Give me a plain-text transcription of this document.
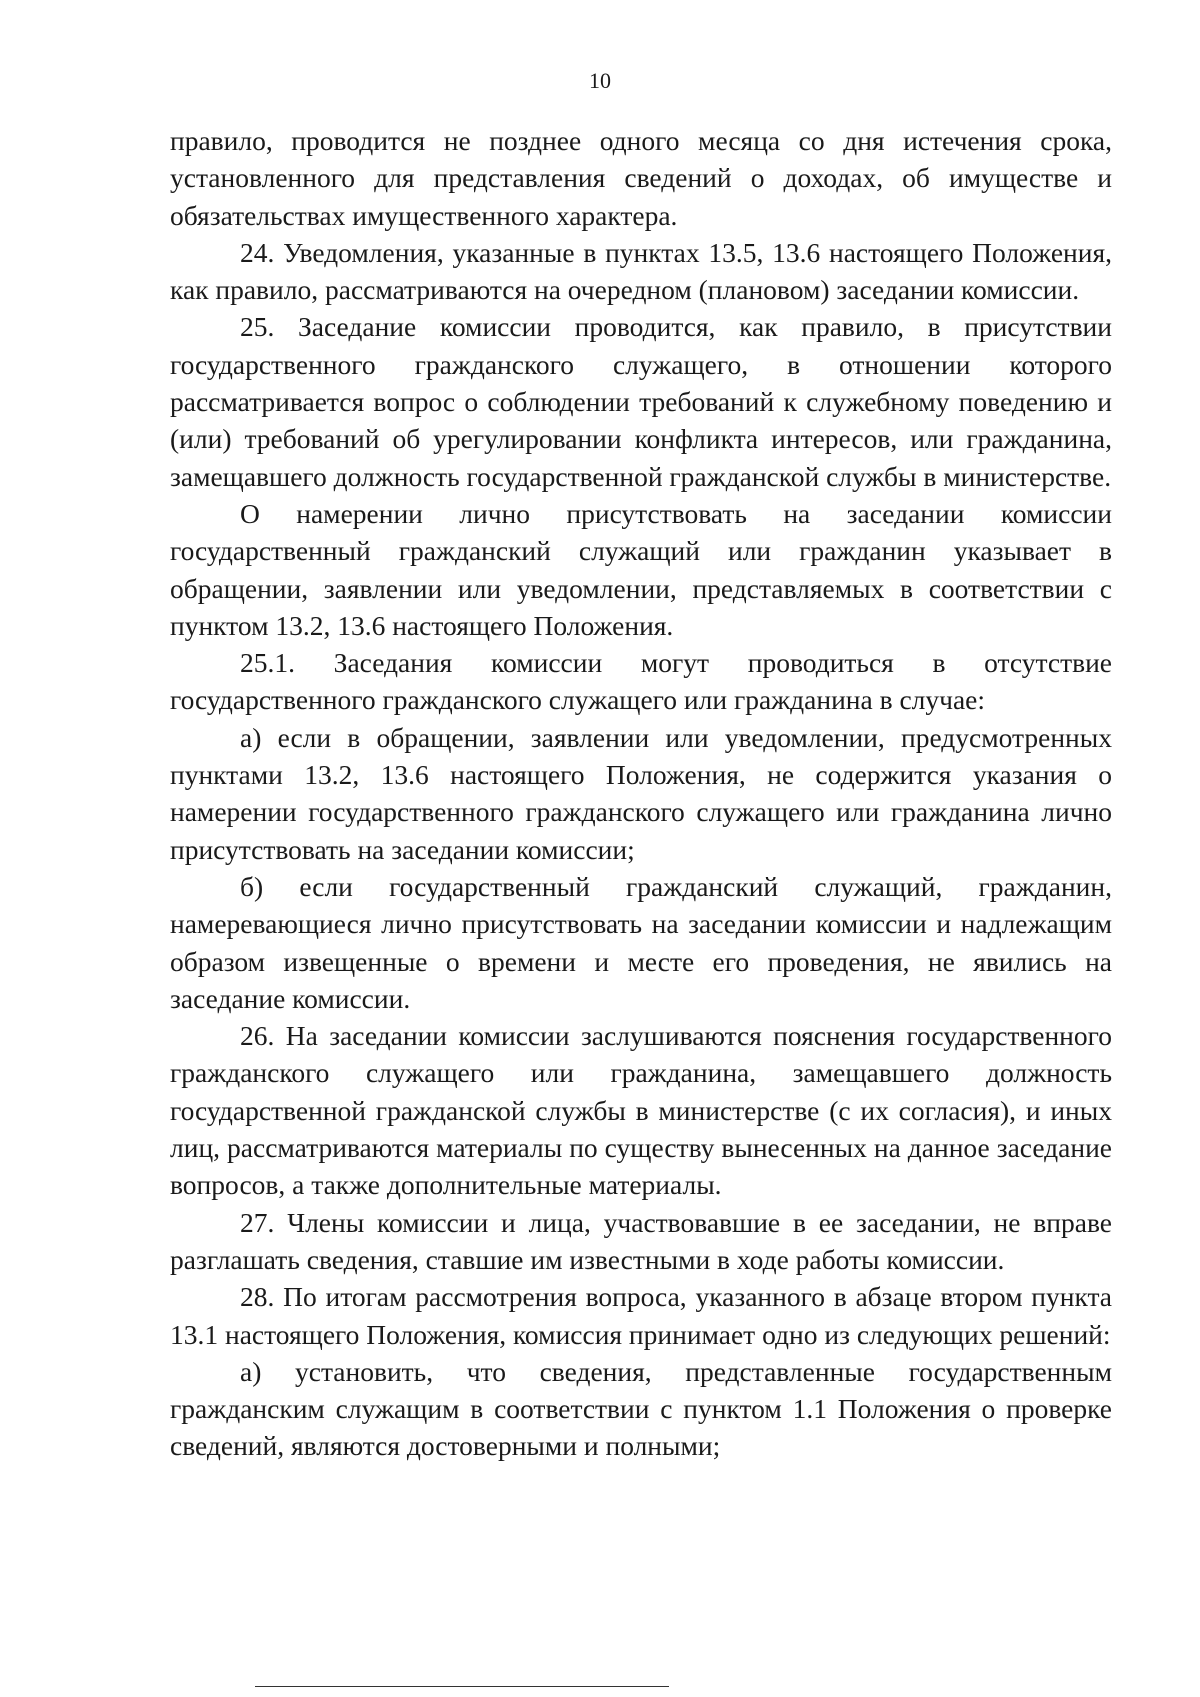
10

правило, проводится не позднее одного месяца со дня истечения срока, установленного для представления сведений о доходах, об имуществе и обязательствах имущественного характера.

24. Уведомления, указанные в пунктах 13.5, 13.6 настоящего Положения, как правило, рассматриваются на очередном (плановом) заседании комиссии.

25. Заседание комиссии проводится, как правило, в присутствии государственного гражданского служащего, в отношении которого рассматривается вопрос о соблюдении требований к служебному поведению и (или) требований об урегулировании конфликта интересов, или гражданина, замещавшего должность государственной гражданской службы в министерстве.

О намерении лично присутствовать на заседании комиссии государственный гражданский служащий или гражданин указывает в обращении, заявлении или уведомлении, представляемых в соответствии с пунктом 13.2, 13.6 настоящего Положения.

25.1. Заседания комиссии могут проводиться в отсутствие государственного гражданского служащего или гражданина в случае:

а) если в обращении, заявлении или уведомлении, предусмотренных пунктами 13.2, 13.6 настоящего Положения, не содержится указания о намерении государственного гражданского служащего или гражданина лично присутствовать на заседании комиссии;

б) если государственный гражданский служащий, гражданин, намеревающиеся лично присутствовать на заседании комиссии и надлежащим образом извещенные о времени и месте его проведения, не явились на заседание комиссии.

26. На заседании комиссии заслушиваются пояснения государственного гражданского служащего или гражданина, замещавшего должность государственной гражданской службы в министерстве (с их согласия), и иных лиц, рассматриваются материалы по существу вынесенных на данное заседание вопросов, а также дополнительные материалы.

27. Члены комиссии и лица, участвовавшие в ее заседании, не вправе разглашать сведения, ставшие им известными в ходе работы комиссии.

28. По итогам рассмотрения вопроса, указанного в абзаце втором пункта 13.1 настоящего Положения, комиссия принимает одно из следующих решений:

а) установить, что сведения, представленные государственным гражданским служащим в соответствии с пунктом 1.1 Положения о проверке сведений, являются достоверными и полными;
